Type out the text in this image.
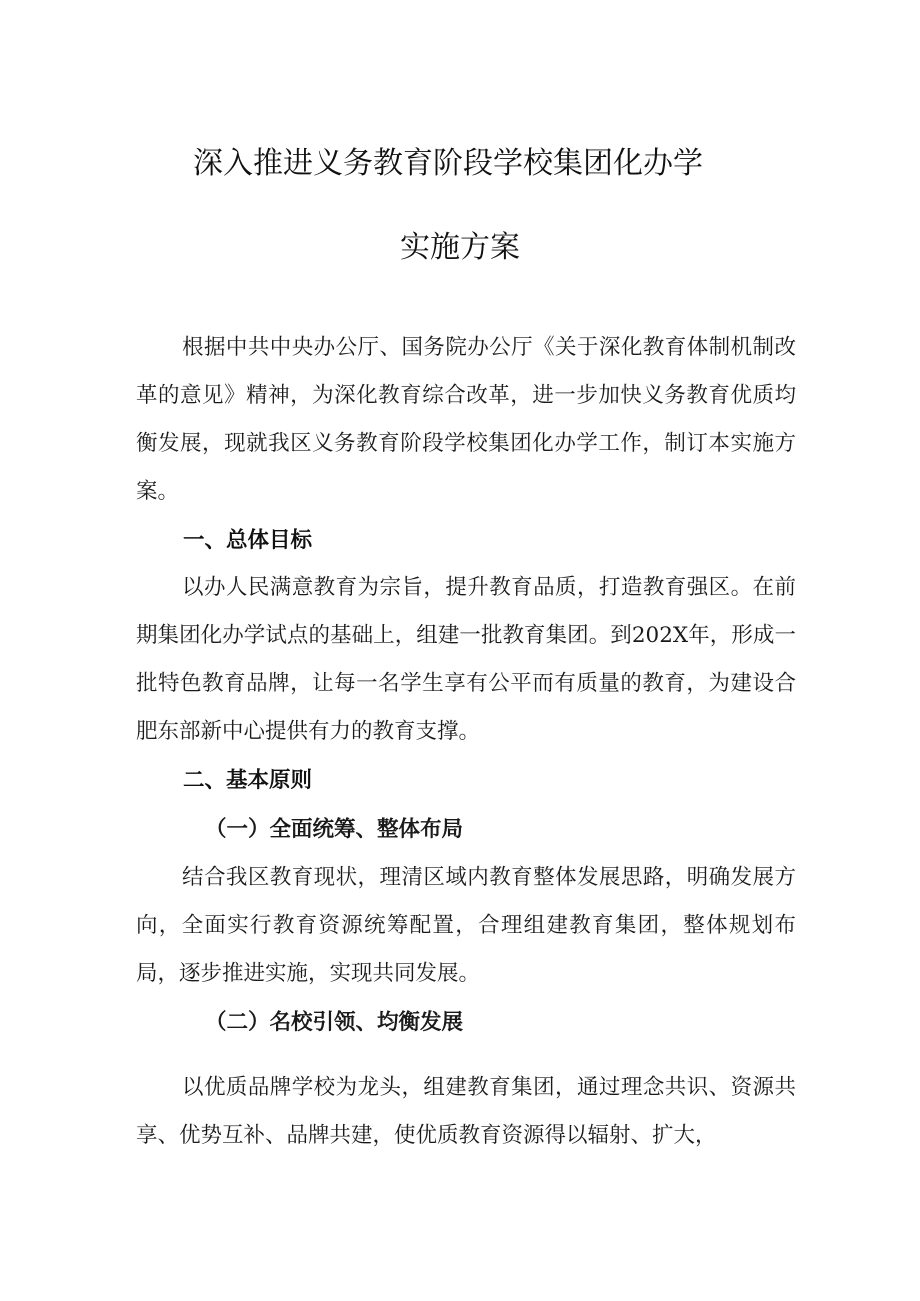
深入推进义务教育阶段学校集团化办学
实施方案

根据中共中央办公厅、国务院办公厅《关于深化教育体制机制改革的意见》精神，为深化教育综合改革，进一步加快义务教育优质均衡发展，现就我区义务教育阶段学校集团化办学工作，制订本实施方案。

一、总体目标

以办人民满意教育为宗旨，提升教育品质，打造教育强区。在前期集团化办学试点的基础上，组建一批教育集团。到202X年，形成一批特色教育品牌，让每一名学生享有公平而有质量的教育，为建设合肥东部新中心提供有力的教育支撑。

二、基本原则
（一）全面统筹、整体布局

结合我区教育现状，理清区域内教育整体发展思路，明确发展方向，全面实行教育资源统筹配置，合理组建教育集团，整体规划布局，逐步推进实施，实现共同发展。

（二）名校引领、均衡发展

以优质品牌学校为龙头，组建教育集团，通过理念共识、资源共享、优势互补、品牌共建，使优质教育资源得以辐射、扩大，
